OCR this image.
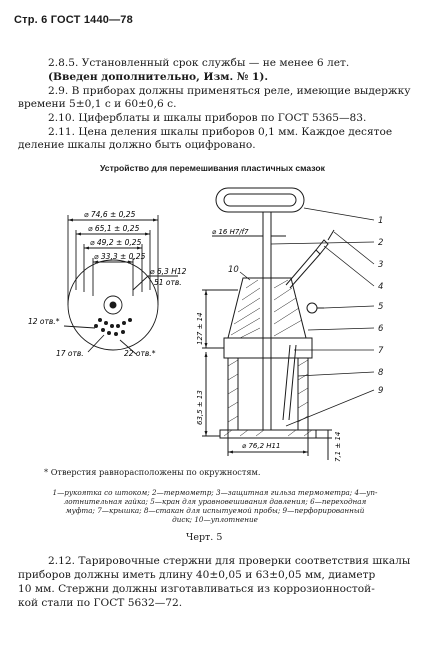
Стр. 6 ГОСТ 1440—78
2.8.5. Установленный срок службы — не менее 6 лет.
(Введен дополнительно, Изм. № 1).
2.9. В приборах должны применяться реле, имеющие выдержку
времени 5±0,1 с и 60±0,6 с.
2.10. Циферблаты и шкалы приборов по ГОСТ 5365—83.
2.11. Цена деления шкалы приборов 0,1 мм. Каждое десятое
деление шкалы должно быть оцифровано.
Устройство для перемешивания пластичных смазок
⌀ 74,6 ± 0,25
⌀ 65,1 ± 0,25
⌀ 49,2 ± 0,25
⌀ 33,3 ± 0,25
⌀ 6,3 H12
51 отв.
12 отв.*
17 отв.	22 отв.*
1
2
3
4
5
6
7
8
9
10
⌀ 16 H7/f7
127 ± 14
63,5 ± 13
⌀ 76,2 H11	7,1 ± 14
* Отверстия равнорасположены по окружностям.
1—рукоятка со штоком; 2—термометр; 3—защитная гильза термометра; 4—уп-
лотнительная гайка; 5—кран для уравновешивания давления; 6—переходная
муфта; 7—крышка; 8—стакан для испытуемой пробы; 9—перфорированный
диск; 10—уплотнение
Черт. 5
2.12. Тарировочные стержни для проверки соответствия шкалы
приборов должны иметь длину 40±0,05 и 63±0,05 мм, диаметр
10 мм. Стержни должны изготавливаться из коррозионностой-
кой стали по ГОСТ 5632—72.
